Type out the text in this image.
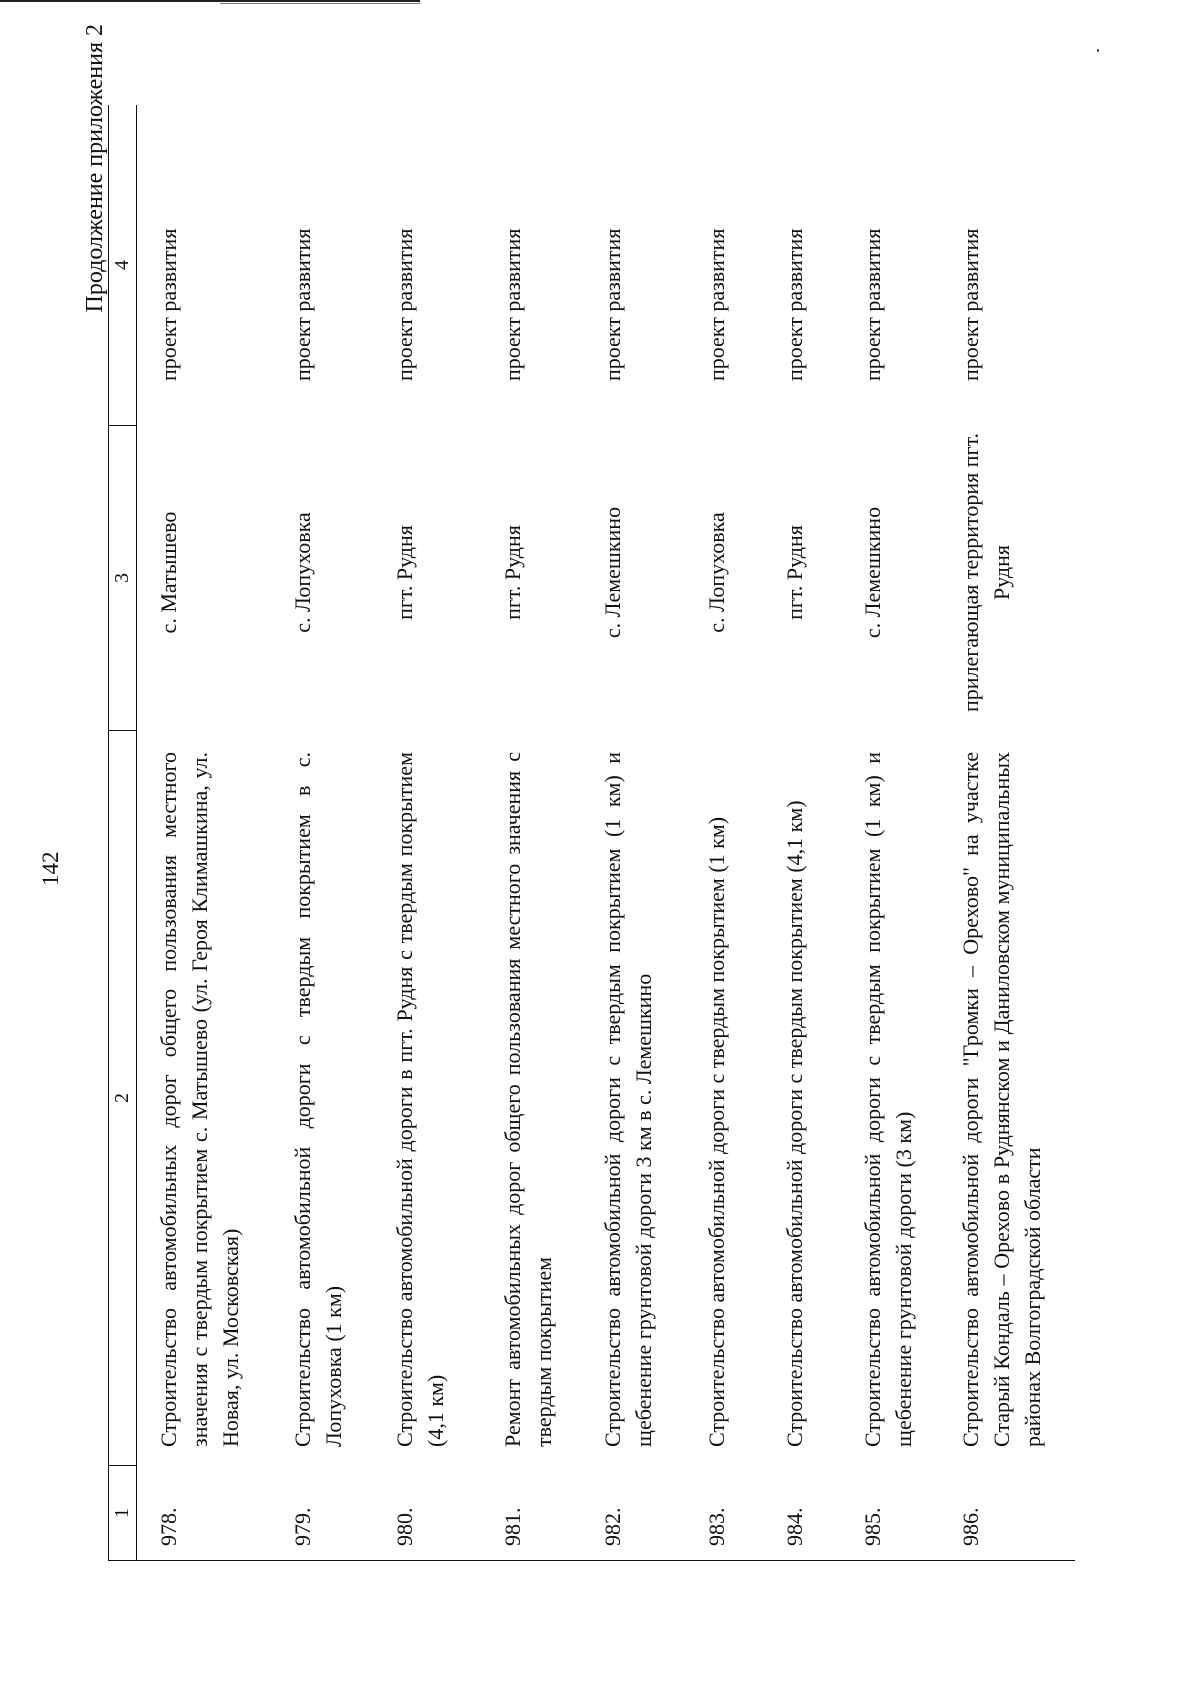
142
Продолжение приложения 2
1
2
3
4
978.
Строительство автомобильных дорог общего пользования местного значения с твердым покрытием с. Матышево (ул. Героя Климашкина, ул. Новая, ул. Московская)
с. Матышево
проект развития
979.
Строительство автомобильной дороги с твердым покрытием в с. Лопуховка (1 км)
с. Лопуховка
проект развития
980.
Строительство автомобильной дороги в пгт. Рудня с твердым покрытием (4,1 км)
пгт. Рудня
проект развития
981.
Ремонт автомобильных дорог общего пользования местного значения с твердым покрытием
пгт. Рудня
проект развития
982.
Строительство автомобильной дороги с твердым покрытием (1 км) и щебенение грунтовой дороги 3 км в с. Лемешкино
с. Лемешкино
проект развития
983.
Строительство автомобильной дороги с твердым покрытием (1 км)
с. Лопуховка
проект развития
984.
Строительство автомобильной дороги с твердым покрытием (4,1 км)
пгт. Рудня
проект развития
985.
Строительство автомобильной дороги с твердым покрытием (1 км) и щебенение грунтовой дороги (3 км)
с. Лемешкино
проект развития
986.
Строительство автомобильной дороги "Громки – Орехово" на участке Старый Кондаль – Орехово в Руднянском и Даниловском муниципальных районах Волгоградской области
прилегающая территория пгт. Рудня
проект развития
